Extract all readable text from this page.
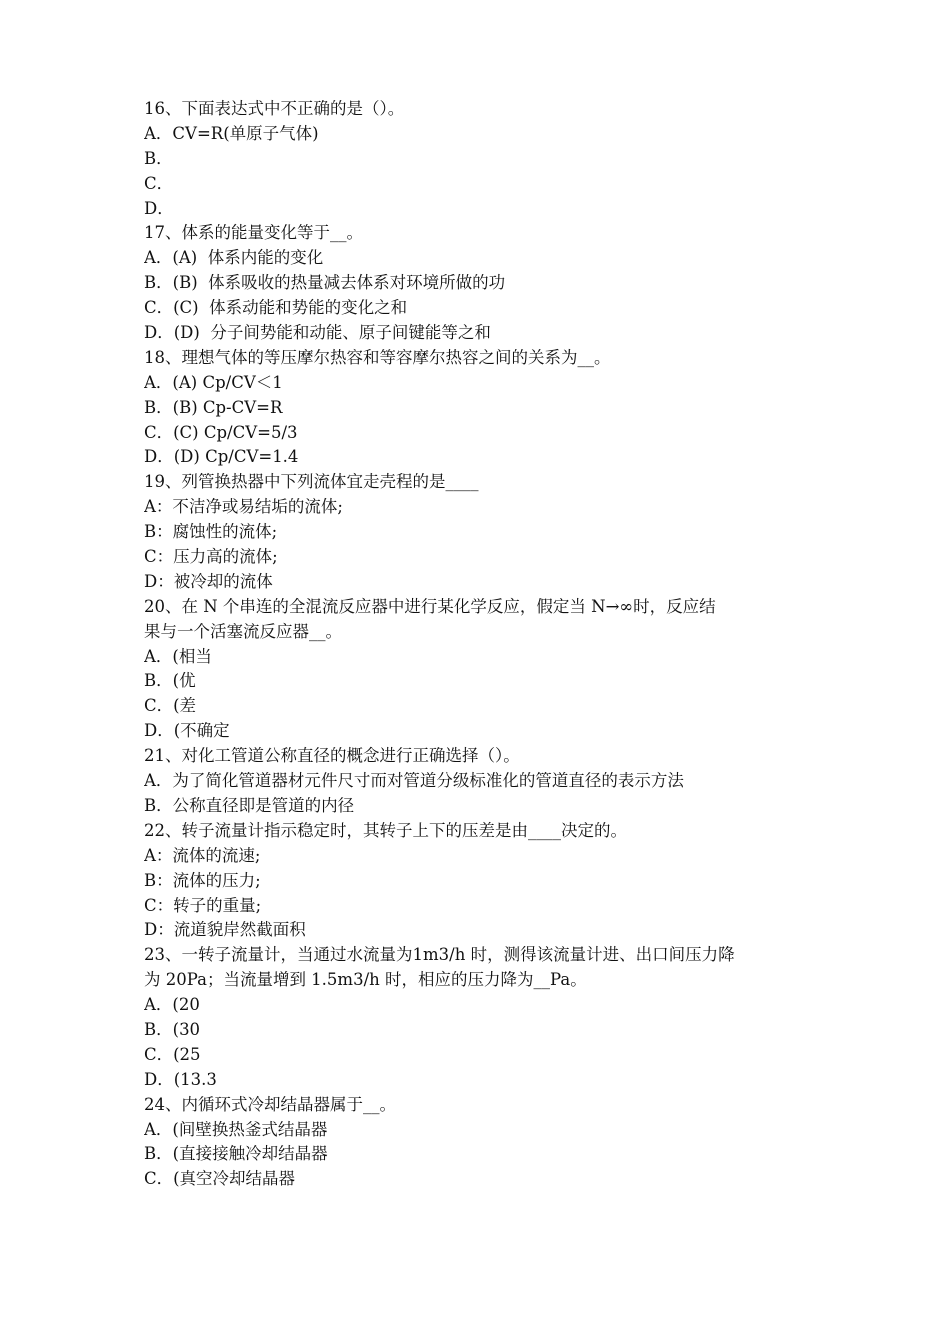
16、下面表达式中不正确的是（）。
A．CV=R(单原子气体)
B．
C．
D．
17、体系的能量变化等于__。
A．(A)  体系内能的变化
B．(B)  体系吸收的热量减去体系对环境所做的功
C．(C)  体系动能和势能的变化之和
D．(D)  分子间势能和动能、原子间键能等之和
18、理想气体的等压摩尔热容和等容摩尔热容之间的关系为__。
A．(A) Cp/CV＜1
B．(B) Cp-CV=R
C．(C) Cp/CV=5/3
D．(D) Cp/CV=1.4
19、列管换热器中下列流体宜走壳程的是____
A：不洁净或易结垢的流体;
B：腐蚀性的流体;
C：压力高的流体;
D：被冷却的流体
20、在 N 个串连的全混流反应器中进行某化学反应，假定当 N→∞时，反应结
果与一个活塞流反应器__。
A．(相当
B．(优
C．(差
D．(不确定
21、对化工管道公称直径的概念进行正确选择（）。
A．为了简化管道器材元件尺寸而对管道分级标准化的管道直径的表示方法
B．公称直径即是管道的内径
22、转子流量计指示稳定时，其转子上下的压差是由____决定的。
A：流体的流速;
B：流体的压力;
C：转子的重量;
D：流道貌岸然截面积
23、一转子流量计，当通过水流量为1m3/h 时，测得该流量计进、出口间压力降
为 20Pa；当流量增到 1.5m3/h 时，相应的压力降为__Pa。
A．(20
B．(30
C．(25
D．(13.3
24、内循环式冷却结晶器属于__。
A．(间壁换热釜式结晶器
B．(直接接触冷却结晶器
C．(真空冷却结晶器
